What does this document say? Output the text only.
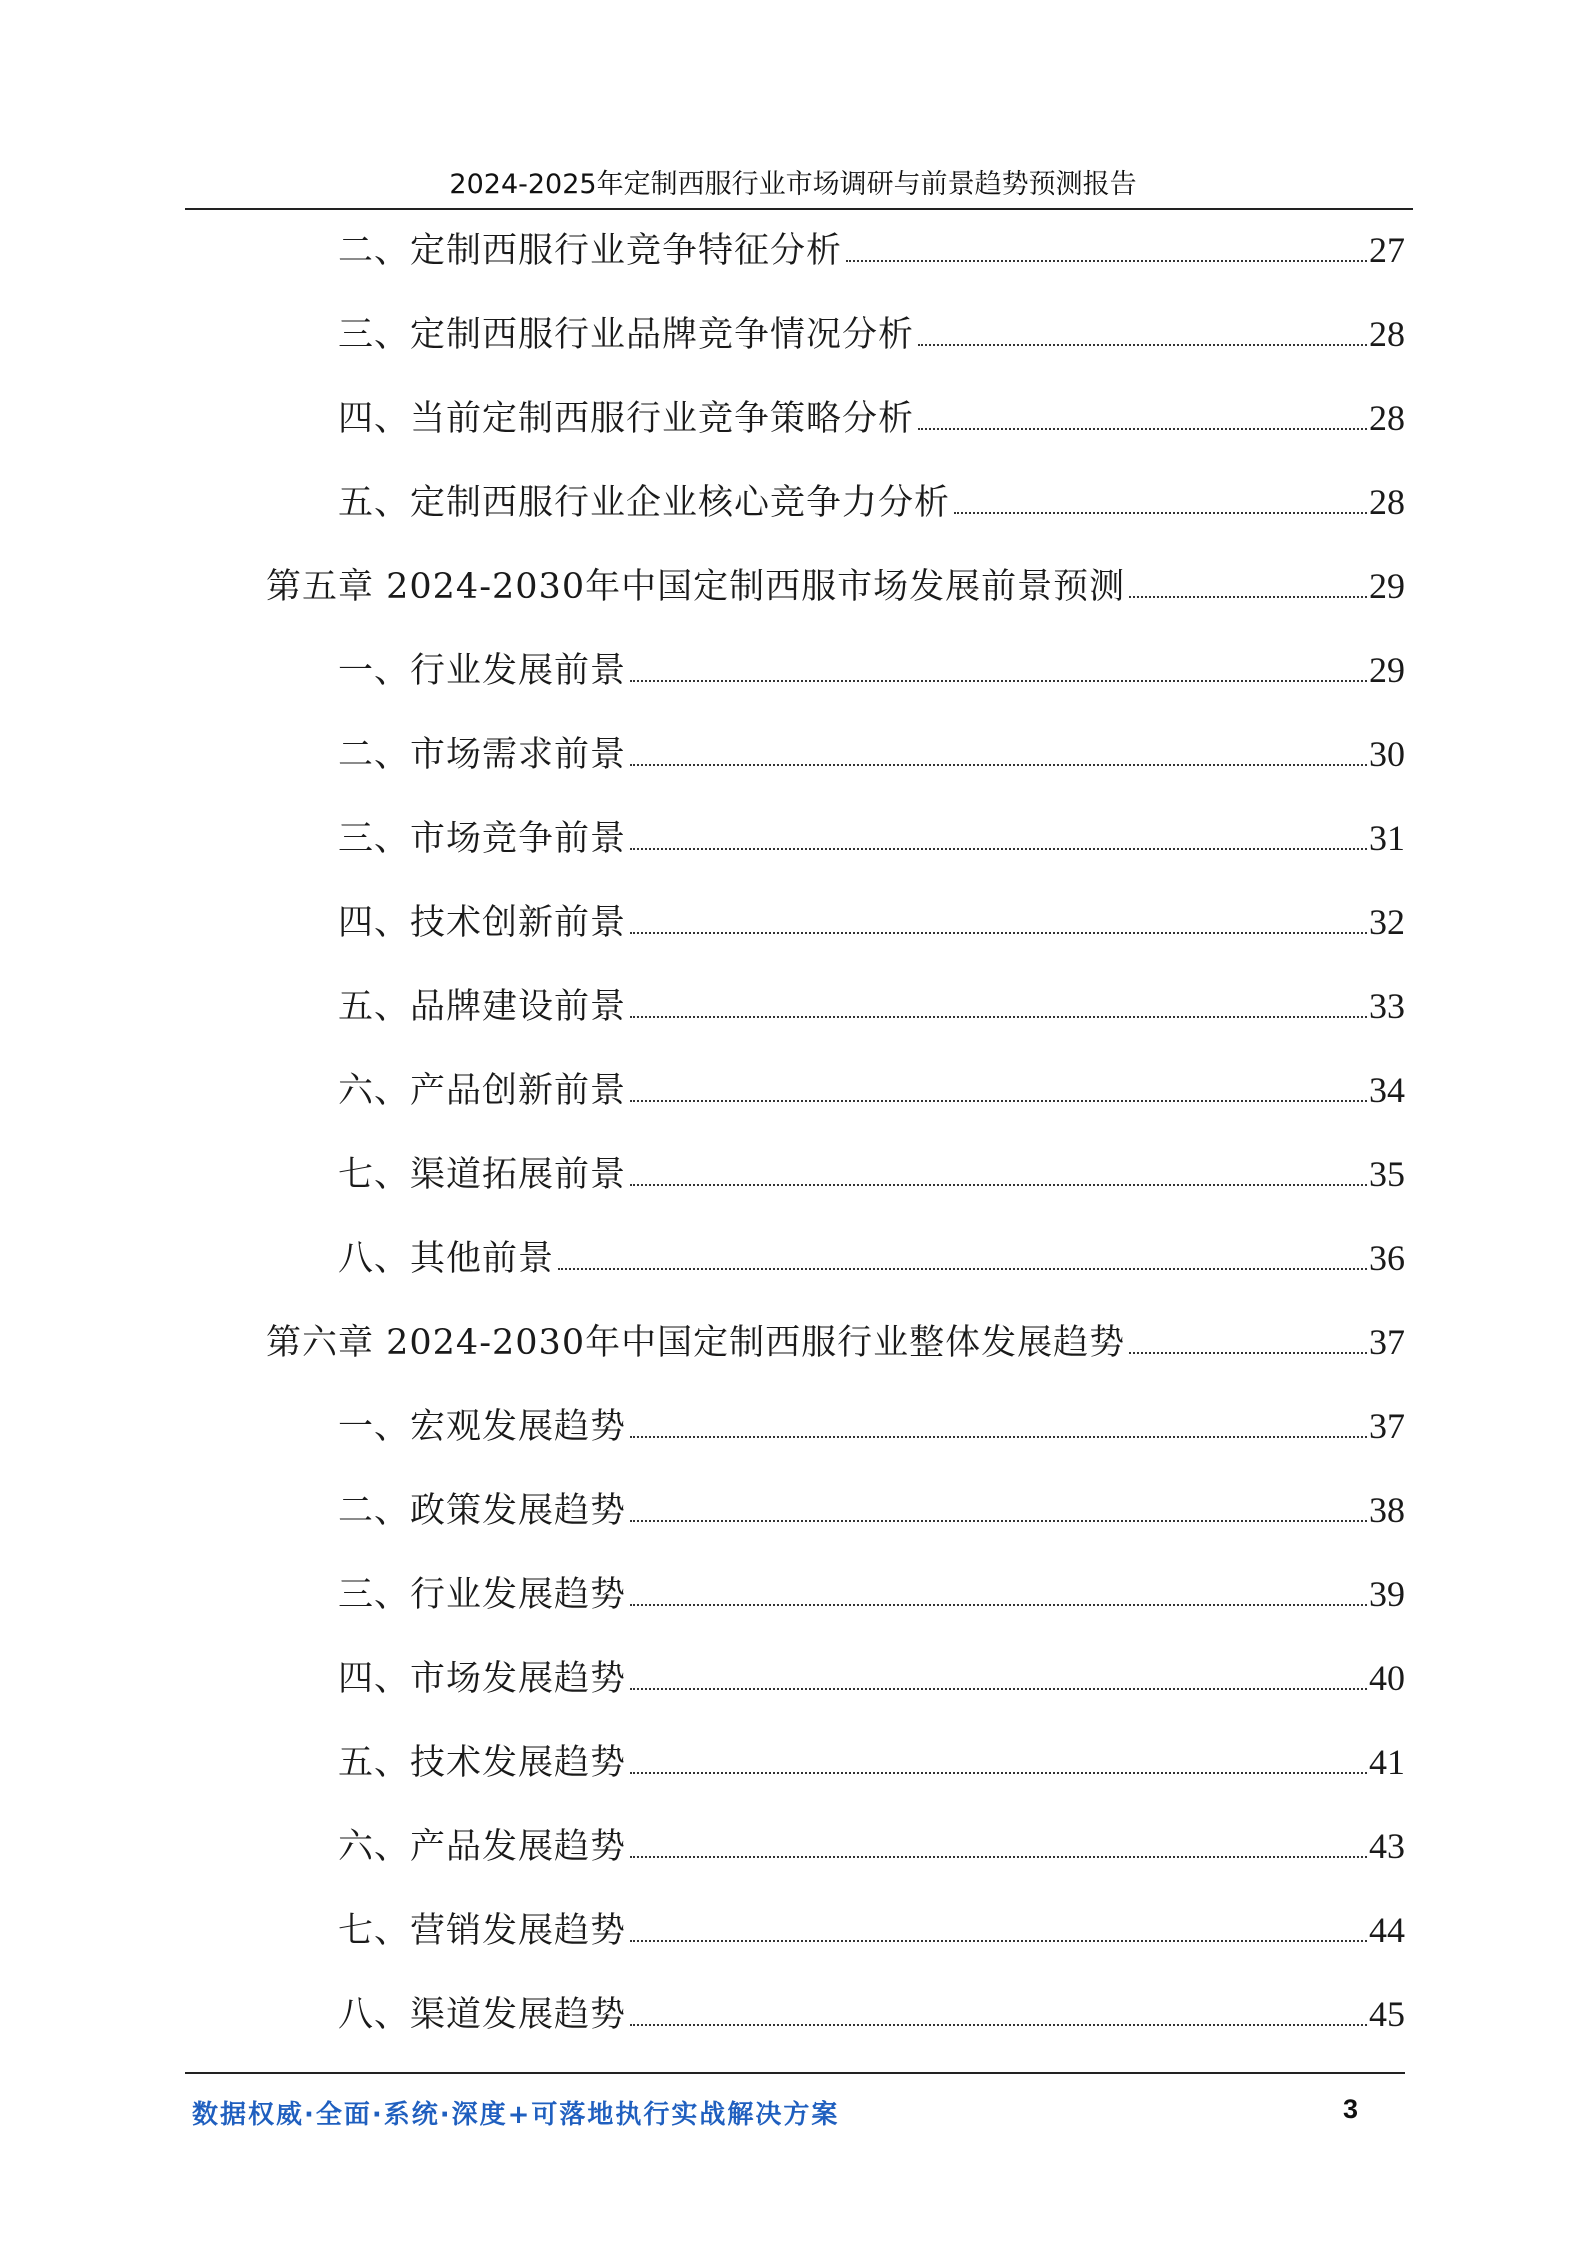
2024-2025年定制西服行业市场调研与前景趋势预测报告
二、定制西服行业竞争特征分析	27
三、定制西服行业品牌竞争情况分析	28
四、当前定制西服行业竞争策略分析	28
五、定制西服行业企业核心竞争力分析	28
第五章 2024-2030年中国定制西服市场发展前景预测	29
一、行业发展前景	29
二、市场需求前景	30
三、市场竞争前景	31
四、技术创新前景	32
五、品牌建设前景	33
六、产品创新前景	34
七、渠道拓展前景	35
八、其他前景	36
第六章 2024-2030年中国定制西服行业整体发展趋势	37
一、宏观发展趋势	37
二、政策发展趋势	38
三、行业发展趋势	39
四、市场发展趋势	40
五、技术发展趋势	41
六、产品发展趋势	43
七、营销发展趋势	44
八、渠道发展趋势	45
数据权威·全面·系统·深度+可落地执行实战解决方案	3
